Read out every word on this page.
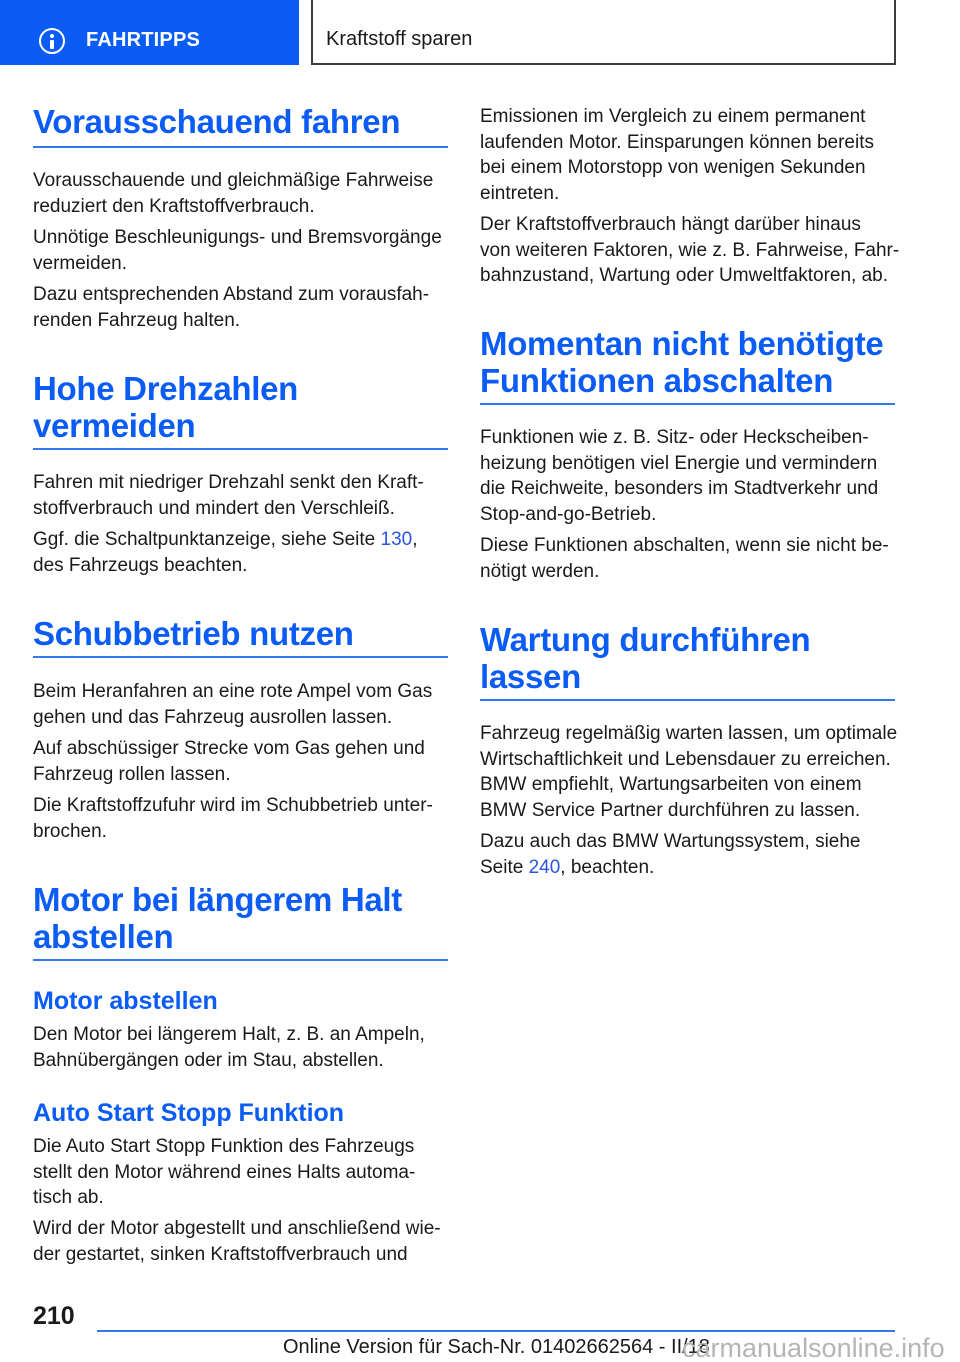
FAHRTIPPS	Kraftstoff sparen
Vorausschauend fahren

Vorausschauende und gleichmäßige Fahrweise
reduziert den Kraftstoffverbrauch.

Unnötige Beschleunigungs- und Bremsvorgänge
vermeiden.

Dazu entsprechenden Abstand zum vorausfah-
renden Fahrzeug halten.

Hohe Drehzahlen
vermeiden

Fahren mit niedriger Drehzahl senkt den Kraft-
stoffverbrauch und mindert den Verschleiß.

Ggf. die Schaltpunktanzeige, siehe Seite 130,
des Fahrzeugs beachten.

Schubbetrieb nutzen

Beim Heranfahren an eine rote Ampel vom Gas
gehen und das Fahrzeug ausrollen lassen.

Auf abschüssiger Strecke vom Gas gehen und
Fahrzeug rollen lassen.

Die Kraftstoffzufuhr wird im Schubbetrieb unter-
brochen.

Motor bei längerem Halt
abstellen
Motor abstellen

Den Motor bei längerem Halt, z. B. an Ampeln,
Bahnübergängen oder im Stau, abstellen.

Auto Start Stopp Funktion

Die Auto Start Stopp Funktion des Fahrzeugs
stellt den Motor während eines Halts automa-
tisch ab.

Wird der Motor abgestellt und anschließend wie-
der gestartet, sinken Kraftstoffverbrauch und

Emissionen im Vergleich zu einem permanent
laufenden Motor. Einsparungen können bereits
bei einem Motorstopp von wenigen Sekunden
eintreten.

Der Kraftstoffverbrauch hängt darüber hinaus
von weiteren Faktoren, wie z. B. Fahrweise, Fahr-
bahnzustand, Wartung oder Umweltfaktoren, ab.

Momentan nicht benötigte
Funktionen abschalten

Funktionen wie z. B. Sitz- oder Heckscheiben-
heizung benötigen viel Energie und vermindern
die Reichweite, besonders im Stadtverkehr und
Stop-and-go-Betrieb.

Diese Funktionen abschalten, wenn sie nicht be-
nötigt werden.

Wartung durchführen
lassen

Fahrzeug regelmäßig warten lassen, um optimale
Wirtschaftlichkeit und Lebensdauer zu erreichen.
BMW empfiehlt, Wartungsarbeiten von einem
BMW Service Partner durchführen zu lassen.

Dazu auch das BMW Wartungssystem, siehe
Seite 240, beachten.

210
Online Version für Sach-Nr. 01402662564 - II/18
carmanualsonline.info
